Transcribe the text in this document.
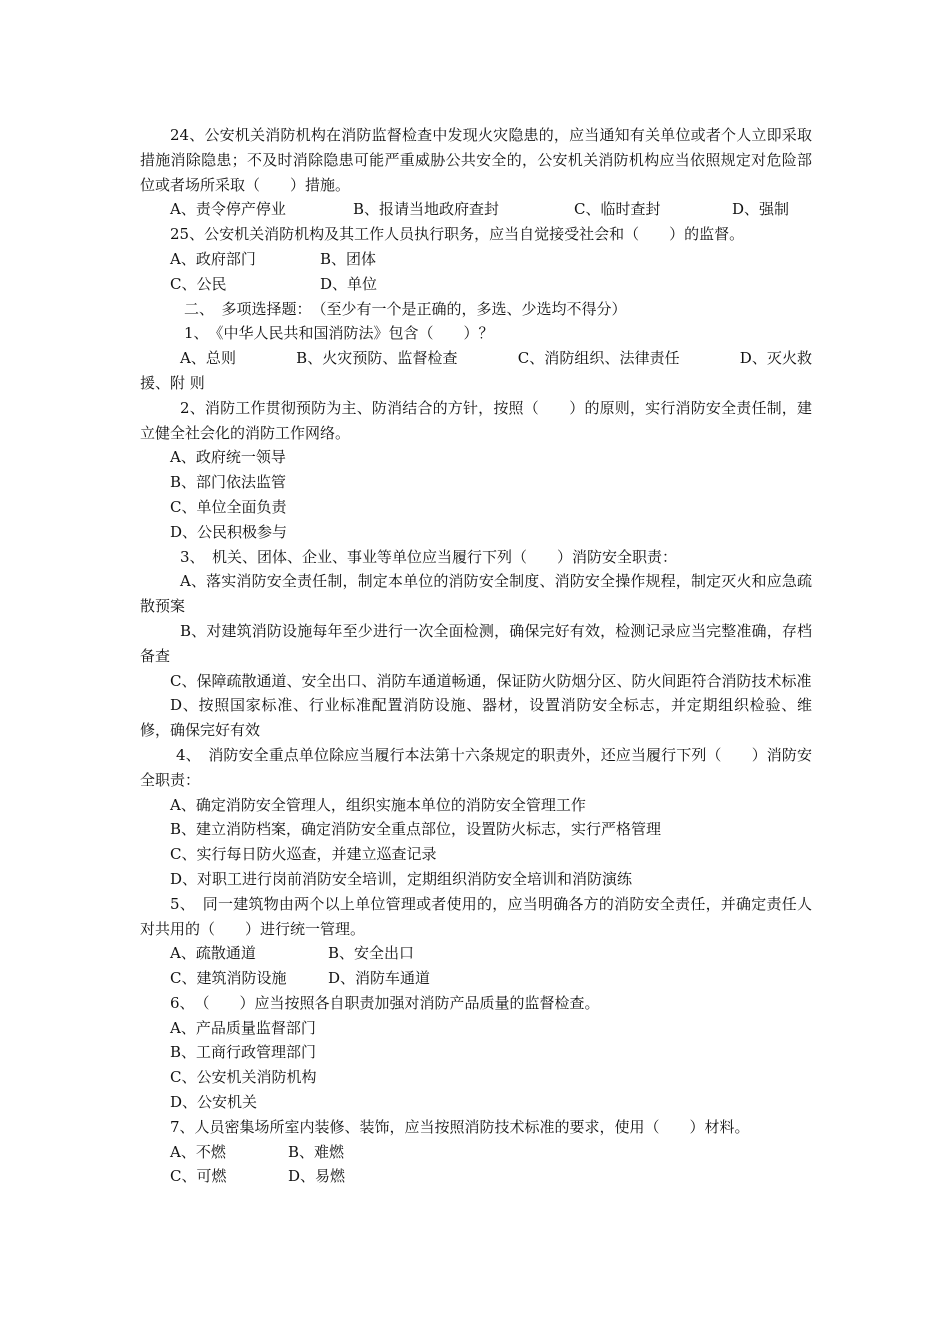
24、公安机关消防机构在消防监督检查中发现火灾隐患的，应当通知有关单位或者个人立即采取措施消除隐患；不及时消除隐患可能严重威胁公共安全的，公安机关消防机构应当依照规定对危险部位或者场所采取（　　）措施。

A、责令停产停业	B、报请当地政府查封	C、临时查封	D、强制

25、公安机关消防机构及其工作人员执行职务，应当自觉接受社会和（　　）的监督。

A、政府部门	B、团体
C、公民	D、单位

二、　多项选择题：　（至少有一个是正确的，多选、少选均不得分）

1、　《中华人民共和国消防法》包含（　　）？

A、总则　　　　B、火灾预防、监督检查　　　　C、消防组织、法律责任　　　　D、灭火救援、附 则

2、消防工作贯彻预防为主、防消结合的方针，按照（　　）的原则，实行消防安全责任制，建立健全社会化的消防工作网络。

A、政府统一领导

B、部门依法监管

C、单位全面负责

D、公民积极参与

3、　机关、团体、企业、事业等单位应当履行下列（　　）消防安全职责：

A、落实消防安全责任制，制定本单位的消防安全制度、消防安全操作规程，制定灭火和应急疏散预案

B、对建筑消防设施每年至少进行一次全面检测，确保完好有效，检测记录应当完整准确，存档备查

C、保障疏散通道、安全出口、消防车通道畅通，保证防火防烟分区、防火间距符合消防技术标准

D、按照国家标准、行业标准配置消防设施、器材，设置消防安全标志，并定期组织检验、维修，确保完好有效

4、　消防安全重点单位除应当履行本法第十六条规定的职责外，还应当履行下列（　　）消防安全职责：

A、确定消防安全管理人，组织实施本单位的消防安全管理工作

B、建立消防档案，确定消防安全重点部位，设置防火标志，实行严格管理

C、实行每日防火巡查，并建立巡查记录

D、对职工进行岗前消防安全培训，定期组织消防安全培训和消防演练

5、　同一建筑物由两个以上单位管理或者使用的，应当明确各方的消防安全责任，并确定责任人对共用的（　　）进行统一管理。

A、疏散通道	B、安全出口
C、建筑消防设施	D、消防车通道

6、　（　　）应当按照各自职责加强对消防产品质量的监督检查。

A、产品质量监督部门

B、工商行政管理部门

C、公安机关消防机构

D、公安机关

7、人员密集场所室内装修、装饰，应当按照消防技术标准的要求，使用（　　）材料。

A、不燃	B、难燃
C、可燃	D、易燃
